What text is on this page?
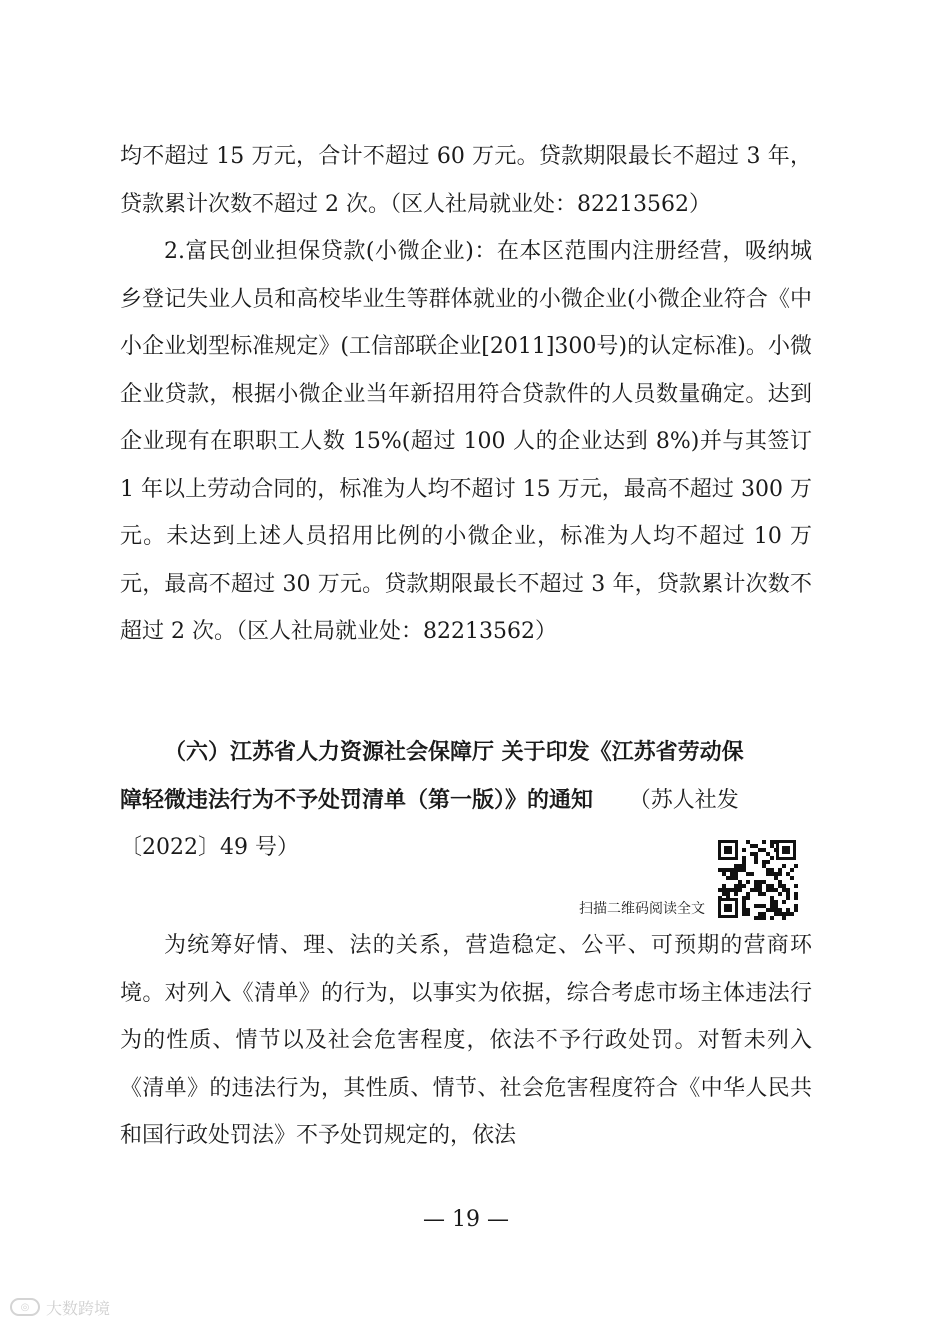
均不超过 15 万元，合计不超过 60 万元。贷款期限最长不超过 3 年，贷款累计次数不超过 2 次。（区人社局就业处：82213562）

2.富民创业担保贷款(小微企业)：在本区范围内注册经营，吸纳城乡登记失业人员和高校毕业生等群体就业的小微企业(小微企业符合《中小企业划型标准规定》(工信部联企业[2011]300号)的认定标准)。小微企业贷款，根据小微企业当年新招用符合贷款件的人员数量确定。达到企业现有在职职工人数 15%(超过 100 人的企业达到 8%)并与其签订 1 年以上劳动合同的，标准为人均不超讨 15 万元，最高不超过 300 万元。未达到上述人员招用比例的小微企业，标准为人均不超过 10 万元，最高不超过 30 万元。贷款期限最长不超过 3 年，贷款累计次数不超过 2 次。（区人社局就业处：82213562）

（六）江苏省人力资源社会保障厅 关于印发《江苏省劳动保
障轻微违法行为不予处罚清单（第一版）》的通知 （苏人社发

〔2022〕49 号）

扫描二维码阅读全文

为统筹好情、理、法的关系，营造稳定、公平、可预期的营商环境。对列入《清单》的行为，以事实为依据，综合考虑市场主体违法行为的性质、情节以及社会危害程度，依法不予行政处罚。对暂未列入《清单》的违法行为，其性质、情节、社会危害程度符合《中华人民共和国行政处罚法》不予处罚规定的，依法

— 19 —
◎	大数跨境
